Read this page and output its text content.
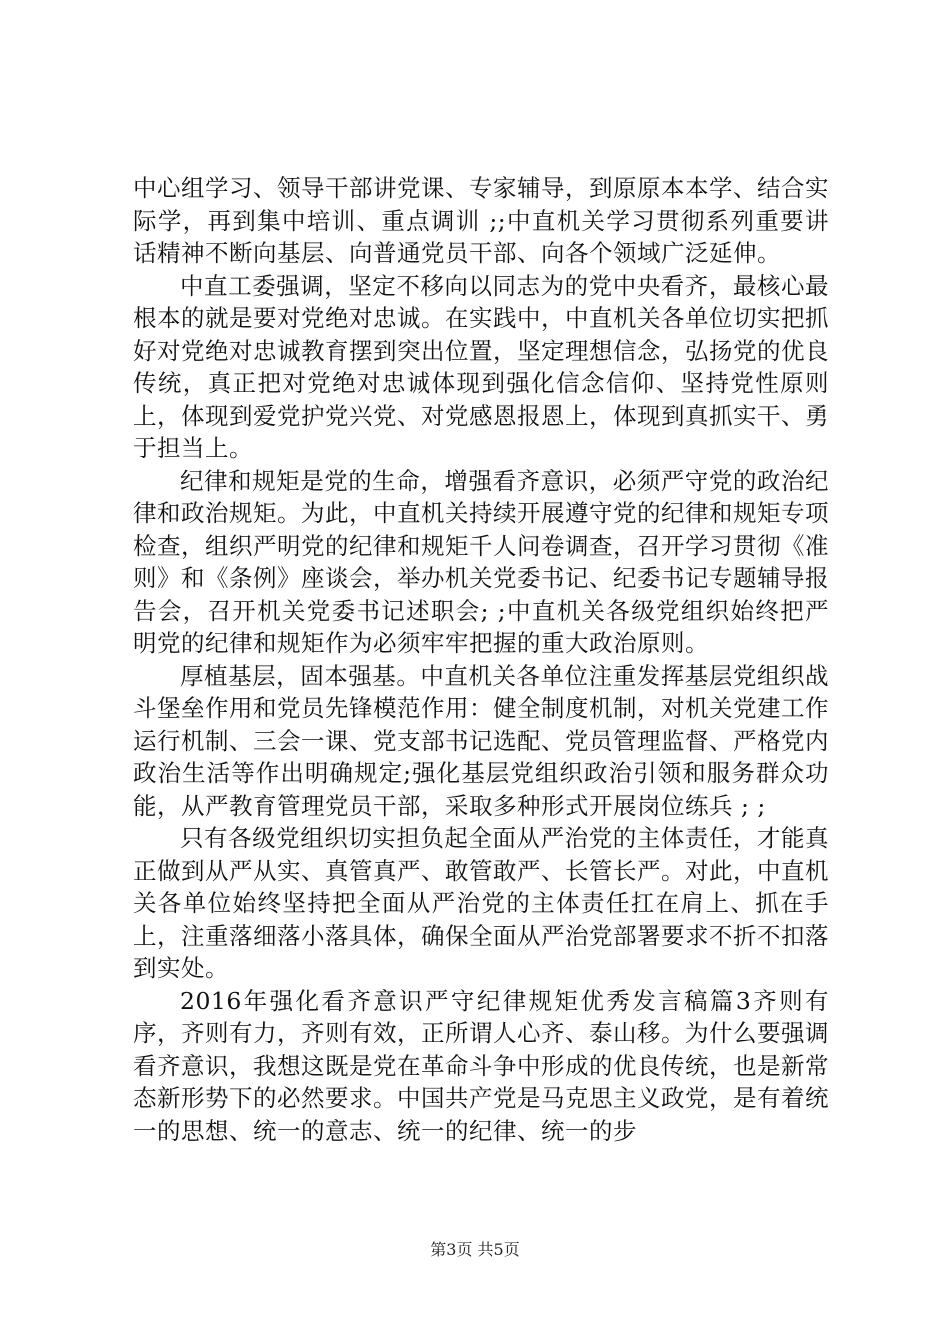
中心组学习、领导干部讲党课、专家辅导，到原原本本学、结合实际学，再到集中培训、重点调训 ;;中直机关学习贯彻系列重要讲话精神不断向基层、向普通党员干部、向各个领域广泛延伸。

中直工委强调，坚定不移向以同志为的党中央看齐，最核心最根本的就是要对党绝对忠诚。在实践中，中直机关各单位切实把抓好对党绝对忠诚教育摆到突出位置，坚定理想信念，弘扬党的优良传统，真正把对党绝对忠诚体现到强化信念信仰、坚持党性原则上，体现到爱党护党兴党、对党感恩报恩上，体现到真抓实干、勇于担当上。

纪律和规矩是党的生命，增强看齐意识，必须严守党的政治纪律和政治规矩。为此，中直机关持续开展遵守党的纪律和规矩专项检查，组织严明党的纪律和规矩千人问卷调查，召开学习贯彻《准则》和《条例》座谈会，举办机关党委书记、纪委书记专题辅导报告会，召开机关党委书记述职会; ;中直机关各级党组织始终把严明党的纪律和规矩作为必须牢牢把握的重大政治原则。

厚植基层，固本强基。中直机关各单位注重发挥基层党组织战斗堡垒作用和党员先锋模范作用：健全制度机制，对机关党建工作运行机制、三会一课、党支部书记选配、党员管理监督、严格党内政治生活等作出明确规定;强化基层党组织政治引领和服务群众功能，从严教育管理党员干部，采取多种形式开展岗位练兵 ; ;

只有各级党组织切实担负起全面从严治党的主体责任，才能真正做到从严从实、真管真严、敢管敢严、长管长严。对此，中直机关各单位始终坚持把全面从严治党的主体责任扛在肩上、抓在手上，注重落细落小落具体，确保全面从严治党部署要求不折不扣落到实处。

2016年强化看齐意识严守纪律规矩优秀发言稿篇3齐则有序，齐则有力，齐则有效，正所谓人心齐、泰山移。为什么要强调看齐意识，我想这既是党在革命斗争中形成的优良传统，也是新常态新形势下的必然要求。中国共产党是马克思主义政党，是有着统一的思想、统一的意志、统一的纪律、统一的步

第3页 共5页
